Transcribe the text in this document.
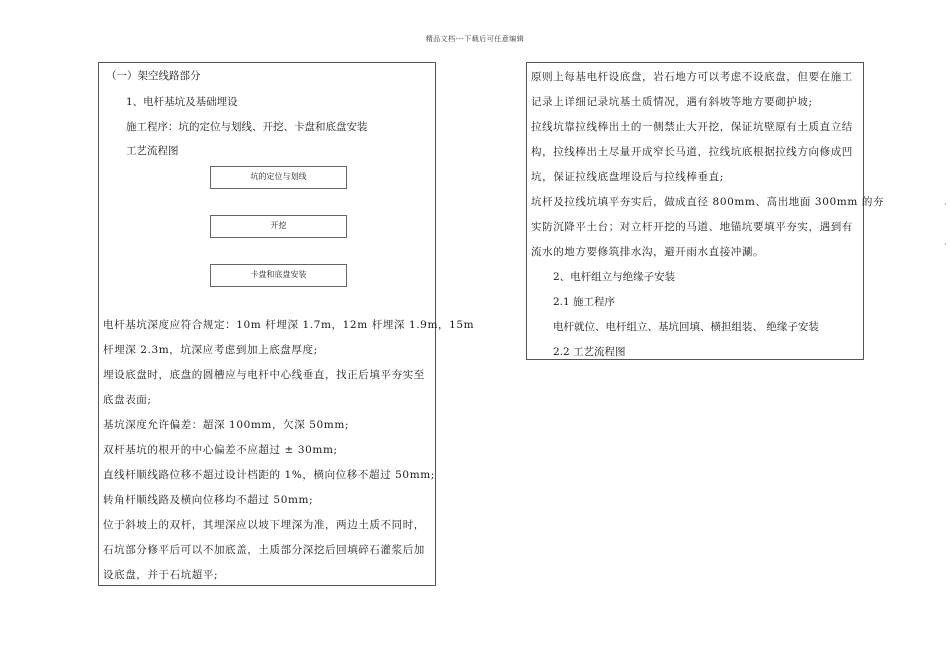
精品文档---下载后可任意编辑
（一）架空线路部分
1、电杆基坑及基础埋设
施工程序：坑的定位与划线、开挖、卡盘和底盘安装
工艺流程图
坑的定位与划线
开挖
卡盘和底盘安装
电杆基坑深度应符合规定：10m 杆埋深 1.7m，12m 杆埋深 1.9m，15m
杆埋深 2.3m，坑深应考虑到加上底盘厚度;
埋设底盘时，底盘的圆槽应与电杆中心线垂直，找正后填平夯实至
底盘表面;
基坑深度允许偏差：超深 100mm，欠深 50mm;
双杆基坑的根开的中心偏差不应超过 ± 30mm;
直线杆顺线路位移不超过设计档距的 1%，横向位移不超过 50mm;
转角杆顺线路及横向位移均不超过 50mm;
位于斜坡上的双杆，其埋深应以坡下埋深为准，两边土质不同时，
石坑部分修平后可以不加底盖，土质部分深挖后回填碎石灌浆后加
设底盘，并于石坑超平;
原则上每基电杆设底盘，岩石地方可以考虑不设底盘，但要在施工
记录上详细记录坑基土质情况，遇有斜坡等地方要砌护坡;
拉线坑靠拉线棒出土的一侧禁止大开挖，保证坑壁原有土质直立结
构，拉线棒出土尽量开成窄长马道，拉线坑底根据拉线方向修成凹
坑，保证拉线底盘埋设后与拉线棒垂直;
坑杆及拉线坑填平夯实后，做成直径 800mm、高出地面 300mm 的夯
实防沉降平土台；对立杆开挖的马道、地锚坑要填平夯实，遇到有
流水的地方要修筑排水沟，避开雨水直接冲涮。
2、电杆组立与绝缘子安装
2.1 施工程序
电杆就位、电杆组立、基坑回填、横担组装、 绝缘子安装
2.2 工艺流程图
·
·
